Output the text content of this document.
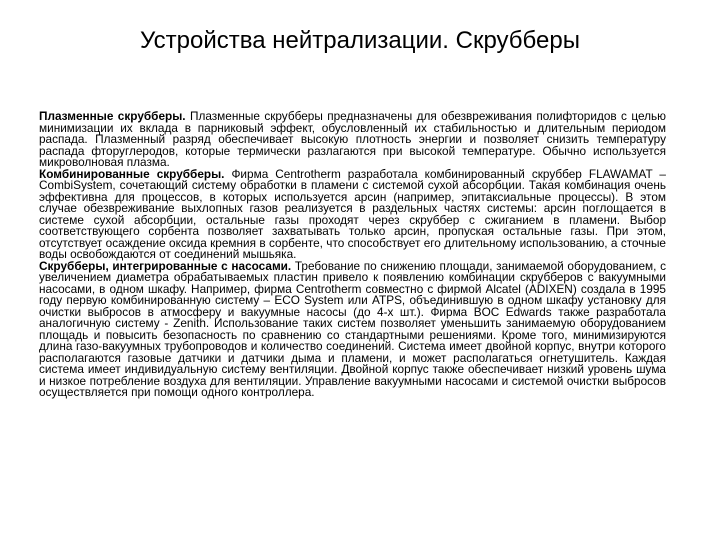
Устройства нейтрализации. Скрубберы

Плазменные скрубберы. Плазменные скрубберы предназначены для обезвреживания полифторидов с целью минимизации их вклада в парниковый эффект, обусловленный их стабильностью и длительным периодом распада. Плазменный разряд обеспечивает высокую плотность энергии и позволяет снизить температуру распада фторуглеродов, которые термически разлагаются при высокой температуре. Обычно используется микроволновая плазма.

Комбинированные скрубберы. Фирма Centrotherm разработала комбинированный скруббер FLAWAMAT – CombiSystem, сочетающий систему обработки в пламени с системой сухой абсорбции. Такая комбинация очень эффективна для процессов, в которых используется арсин (например, эпитаксиальные процессы). В этом случае обезвреживание выхлопных газов реализуется в раздельных частях системы: арсин поглощается в системе сухой абсорбции, остальные газы проходят через скруббер с сжиганием в пламени. Выбор соответствующего сорбента позволяет захватывать только арсин, пропуская остальные газы. При этом, отсутствует осаждение оксида кремния в сорбенте, что способствует его длительному использованию, а сточные воды освобождаются от соединений мышьяка.

Скрубберы, интегрированные с насосами. Требование по снижению площади, занимаемой оборудованием, с увеличением диаметра обрабатываемых пластин привело к появлению комбинации скрубберов с вакуумными насосами, в одном шкафу. Например, фирма Centrotherm совместно с фирмой Alcatel (ADIXEN) создала в 1995 году первую комбинированную систему – ECO System или ATPS, объединившую в одном шкафу установку для очистки выбросов в атмосферу и вакуумные насосы (до 4-х шт.). Фирма BOC Edwards также разработала аналогичную систему - Zenith. Использование таких систем позволяет уменьшить занимаемую оборудованием площадь и повысить безопасность по сравнению со стандартными решениями. Кроме того, минимизируются длина газо-вакуумных трубопроводов и количество соединений. Система имеет двойной корпус, внутри которого располагаются газовые датчики и датчики дыма и пламени, и может располагаться огнетушитель. Каждая система имеет индивидуальную систему вентиляции. Двойной корпус также обеспечивает низкий уровень шума и низкое потребление воздуха для вентиляции. Управление вакуумными насосами и системой очистки выбросов осуществляется при помощи одного контроллера.
